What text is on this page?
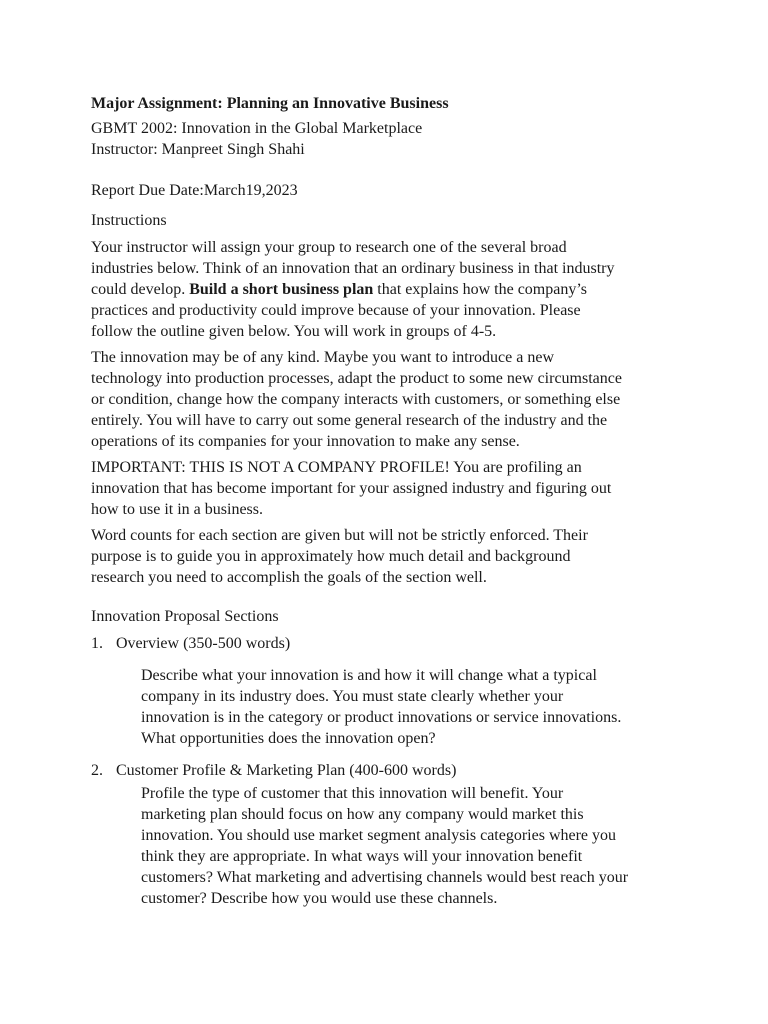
Major Assignment: Planning an Innovative Business

GBMT 2002: Innovation in the Global Marketplace

Instructor: Manpreet Singh Shahi

Report Due Date:March19,2023

Instructions

Your instructor will assign your group to research one of the several broad
industries below. Think of an innovation that an ordinary business in that industry
could develop. Build a short business plan that explains how the company’s
practices and productivity could improve because of your innovation. Please
follow the outline given below. You will work in groups of 4-5.
The innovation may be of any kind. Maybe you want to introduce a new
technology into production processes, adapt the product to some new circumstance
or condition, change how the company interacts with customers, or something else
entirely. You will have to carry out some general research of the industry and the
operations of its companies for your innovation to make any sense.
IMPORTANT: THIS IS NOT A COMPANY PROFILE! You are profiling an
innovation that has become important for your assigned industry and figuring out
how to use it in a business.
Word counts for each section are given but will not be strictly enforced. Their
purpose is to guide you in approximately how much detail and background
research you need to accomplish the goals of the section well.

Innovation Proposal Sections

1. Overview (350-500 words)
Describe what your innovation is and how it will change what a typical
company in its industry does. You must state clearly whether your
innovation is in the category or product innovations or service innovations.
What opportunities does the innovation open?
2. Customer Profile & Marketing Plan (400-600 words)
Profile the type of customer that this innovation will benefit. Your
marketing plan should focus on how any company would market this
innovation. You should use market segment analysis categories where you
think they are appropriate. In what ways will your innovation benefit
customers? What marketing and advertising channels would best reach your
customer? Describe how you would use these channels.
